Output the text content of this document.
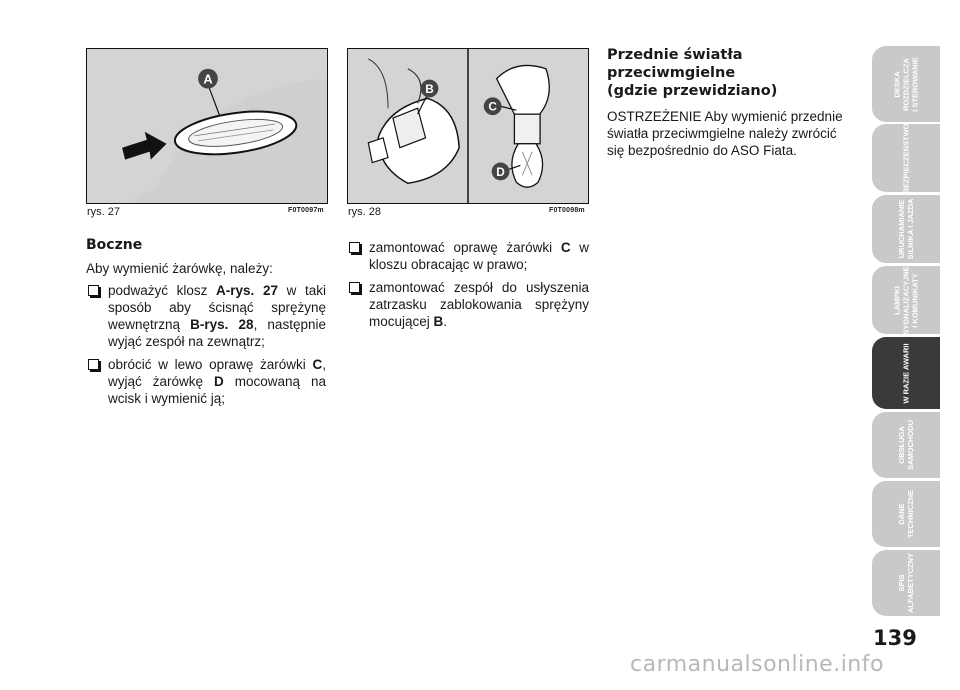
A
rys. 27	F0T0097m
B
C
D
rys. 28	F0T0098m
Boczne

Aby wymienić żarówkę, należy:

podważyć klosz A-rys. 27 w taki sposób aby ścisnąć sprężynę wewnętrzną B-rys. 28, następnie wyjąć zespół na zewnątrz;
obrócić w lewo oprawę żarówki C, wyjąć żarówkę D mocowaną na wcisk i wymienić ją;
zamontować oprawę żarówki C w kloszu obracając w prawo;
zamontować zespół do usłyszenia zatrzasku zablokowania sprężyny mocującej B.
Przednie światła
przeciwmgielne
(gdzie przewidziano)
OSTRZEŻENIE Aby wymienić przednie światła przeciwmgielne należy zwrócić się bezpośrednio do ASO Fiata.
DESKA
ROZDZIELCZA
I STEROWANIE
BEZPIECZEŃSTWO
URUCHAMIANIE
SILNIKA I JAZDA
LAMPKI
SYGNALIZACYJNE
I KOMUNIKATY
W RAZIE AWARII
OBSŁUGA
SAMOCHODU
DANE
TECHNICZNE
SPIS
ALFABETYCZNY
139
carmanualsonline.info
